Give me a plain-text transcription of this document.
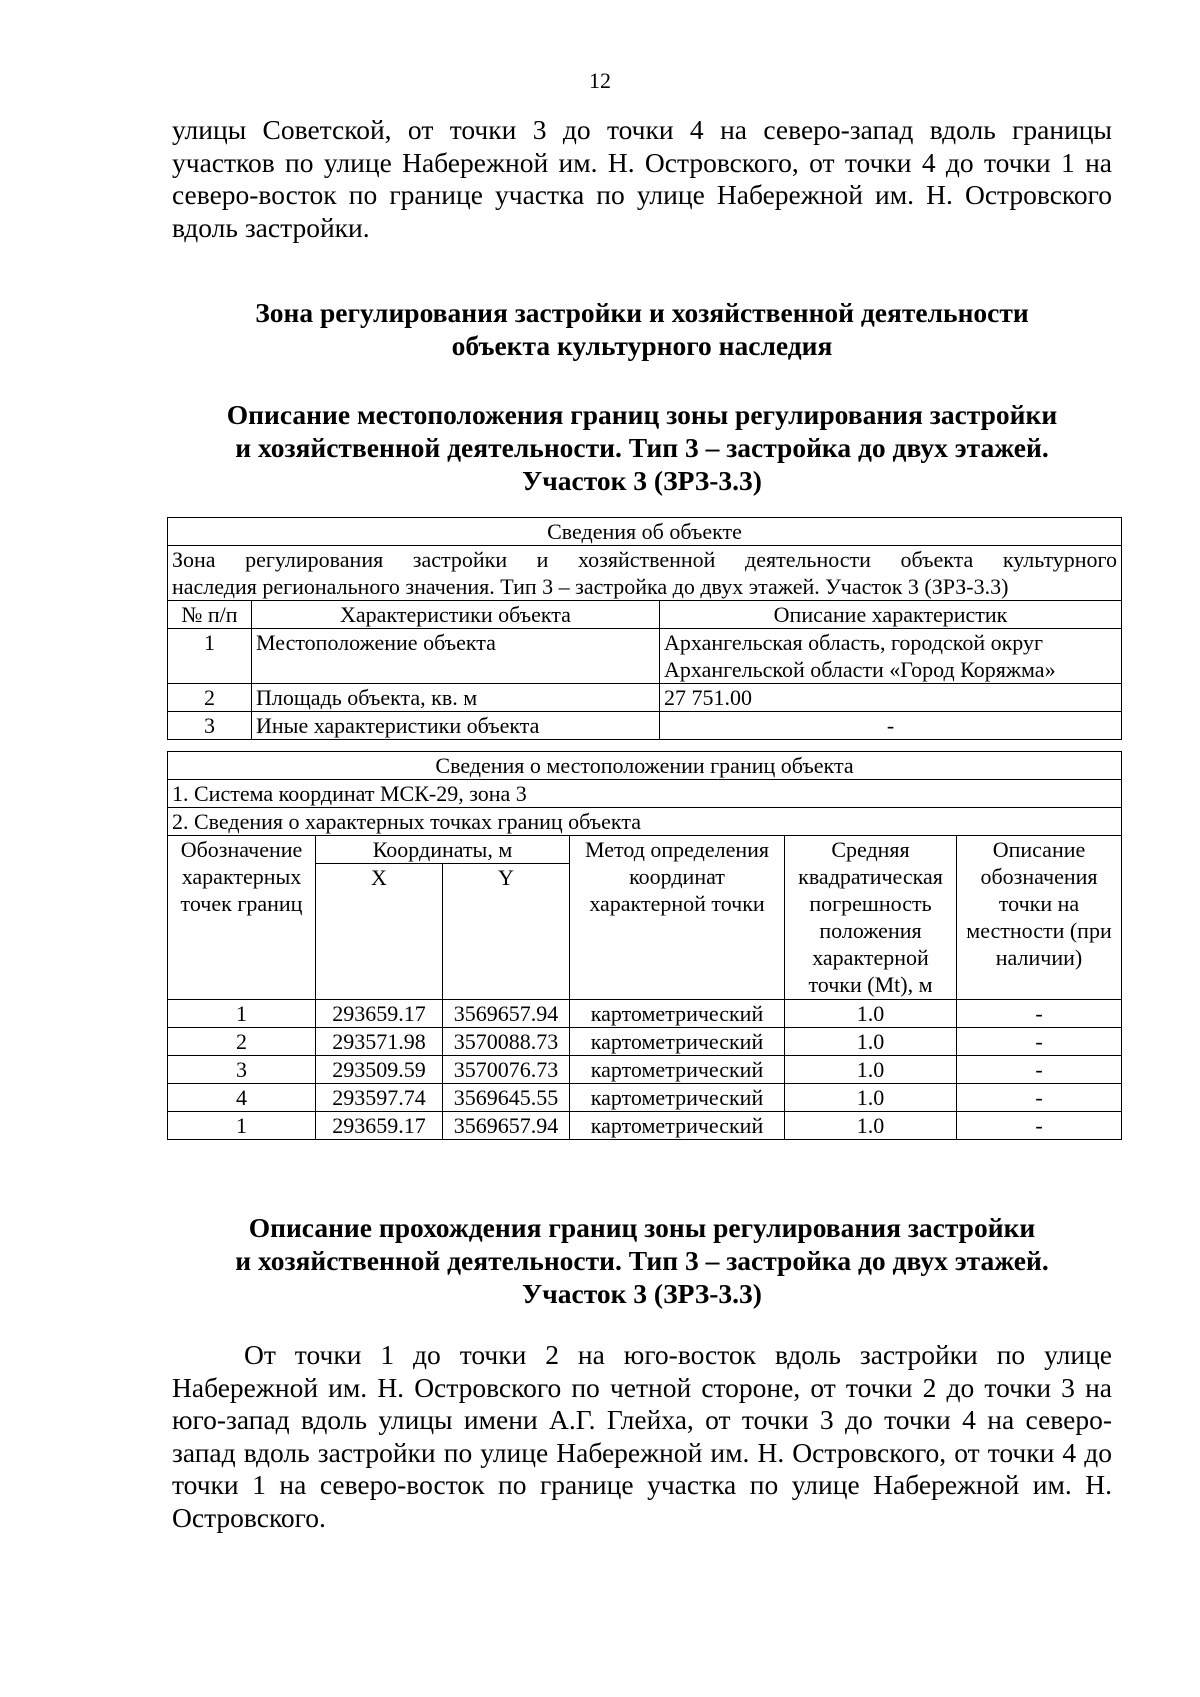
12
улицы Советской, от точки 3 до точки 4 на северо-запад вдоль границы участков по улице Набережной им. Н. Островского, от точки 4 до точки 1 на северо-восток по границе участка по улице Набережной им. Н. Островского вдоль застройки.
Зона регулирования застройки и хозяйственной деятельности
объекта культурного наследия
Описание местоположения границ зоны регулирования застройки
и хозяйственной деятельности. Тип 3 – застройка до двух этажей.
Участок 3 (ЗРЗ-3.3)
Сведения об объекте		

Зона регулирования застройки и хозяйственной деятельности объекта культурного
наследия регионального значения. Тип 3 – застройка до двух этажей. Участок 3 (ЗРЗ-3.3)		

№ п/п	Характеристики объекта	Описание характеристик
1	Местоположение объекта	Архангельская область, городской округ Архангельской области «Город Коряжма»
2	Площадь объекта, кв. м	27 751.00
3	Иные характеристики объекта	-
Сведения о местоположении границ объекта					
1. Система координат МСК-29, зона 3					
2. Сведения о характерных точках границ объекта					
Обозначение характерных точек границ	Координаты, м		Метод определения координат характерной точки	Средняя квадратическая погрешность положения характерной точки (Mt), м	Описание обозначения точки на местности (при наличии)
	X	Y			
1	293659.17	3569657.94	картометрический	1.0	-
2	293571.98	3570088.73	картометрический	1.0	-
3	293509.59	3570076.73	картометрический	1.0	-
4	293597.74	3569645.55	картометрический	1.0	-
1	293659.17	3569657.94	картометрический	1.0	-
Описание прохождения границ зоны регулирования застройки
и хозяйственной деятельности. Тип 3 – застройка до двух этажей.
Участок 3 (ЗРЗ-3.3)
От точки 1 до точки 2 на юго-восток вдоль застройки по улице Набережной им. Н. Островского по четной стороне, от точки 2 до точки 3 на юго-запад вдоль улицы имени А.Г. Глейха, от точки 3 до точки 4 на северо-запад вдоль застройки по улице Набережной им. Н. Островского, от точки 4 до точки 1 на северо-восток по границе участка по улице Набережной им. Н. Островского.
